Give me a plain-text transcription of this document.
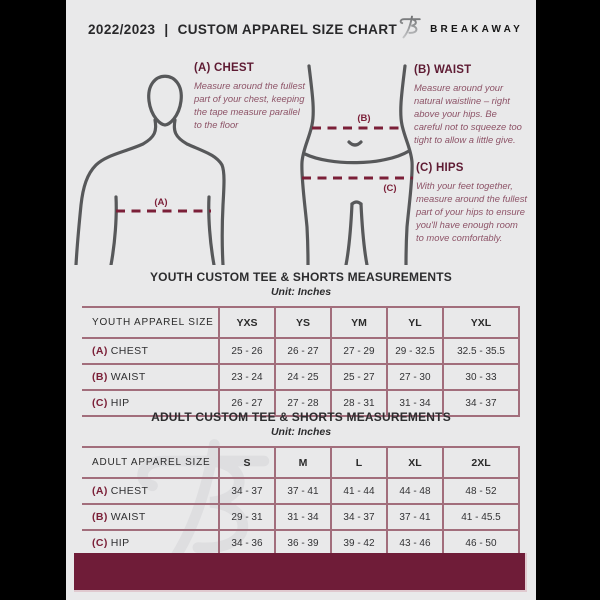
2022/2023 | CUSTOM APPAREL SIZE CHART	BREAKAWAY
(A)

(A) CHEST

Measure around the fullest part of your chest, keeping the tape measure parallel to the floor

(B)
(C)

(B) WAIST

Measure around your natural waistline – right above your hips. Be careful not to squeeze too tight to allow a little give.

(C) HIPS

With your feet together, measure around the fullest part of your hips to ensure you'll have enough room to move comfortably.

YOUTH CUSTOM TEE & SHORTS MEASUREMENTS

Unit: Inches
YOUTH APPAREL SIZE	YXS	YS	YM	YL	YXL
(A) CHEST	25 - 26	26 - 27	27 - 29	29 - 32.5	32.5 - 35.5
(B) WAIST	23 - 24	24 - 25	25 - 27	27 - 30	30 - 33
(C) HIP	26 - 27	27 - 28	28 - 31	31 - 34	34 - 37

ADULT CUSTOM TEE & SHORTS MEASUREMENTS

Unit: Inches
ADULT APPAREL SIZE	S	M	L	XL	2XL
(A) CHEST	34 - 37	37 - 41	41 - 44	44 - 48	48 - 52
(B) WAIST	29 - 31	31 - 34	34 - 37	37 - 41	41 - 45.5
(C) HIP	34 - 36	36 - 39	39 - 42	43 - 46	46 - 50
